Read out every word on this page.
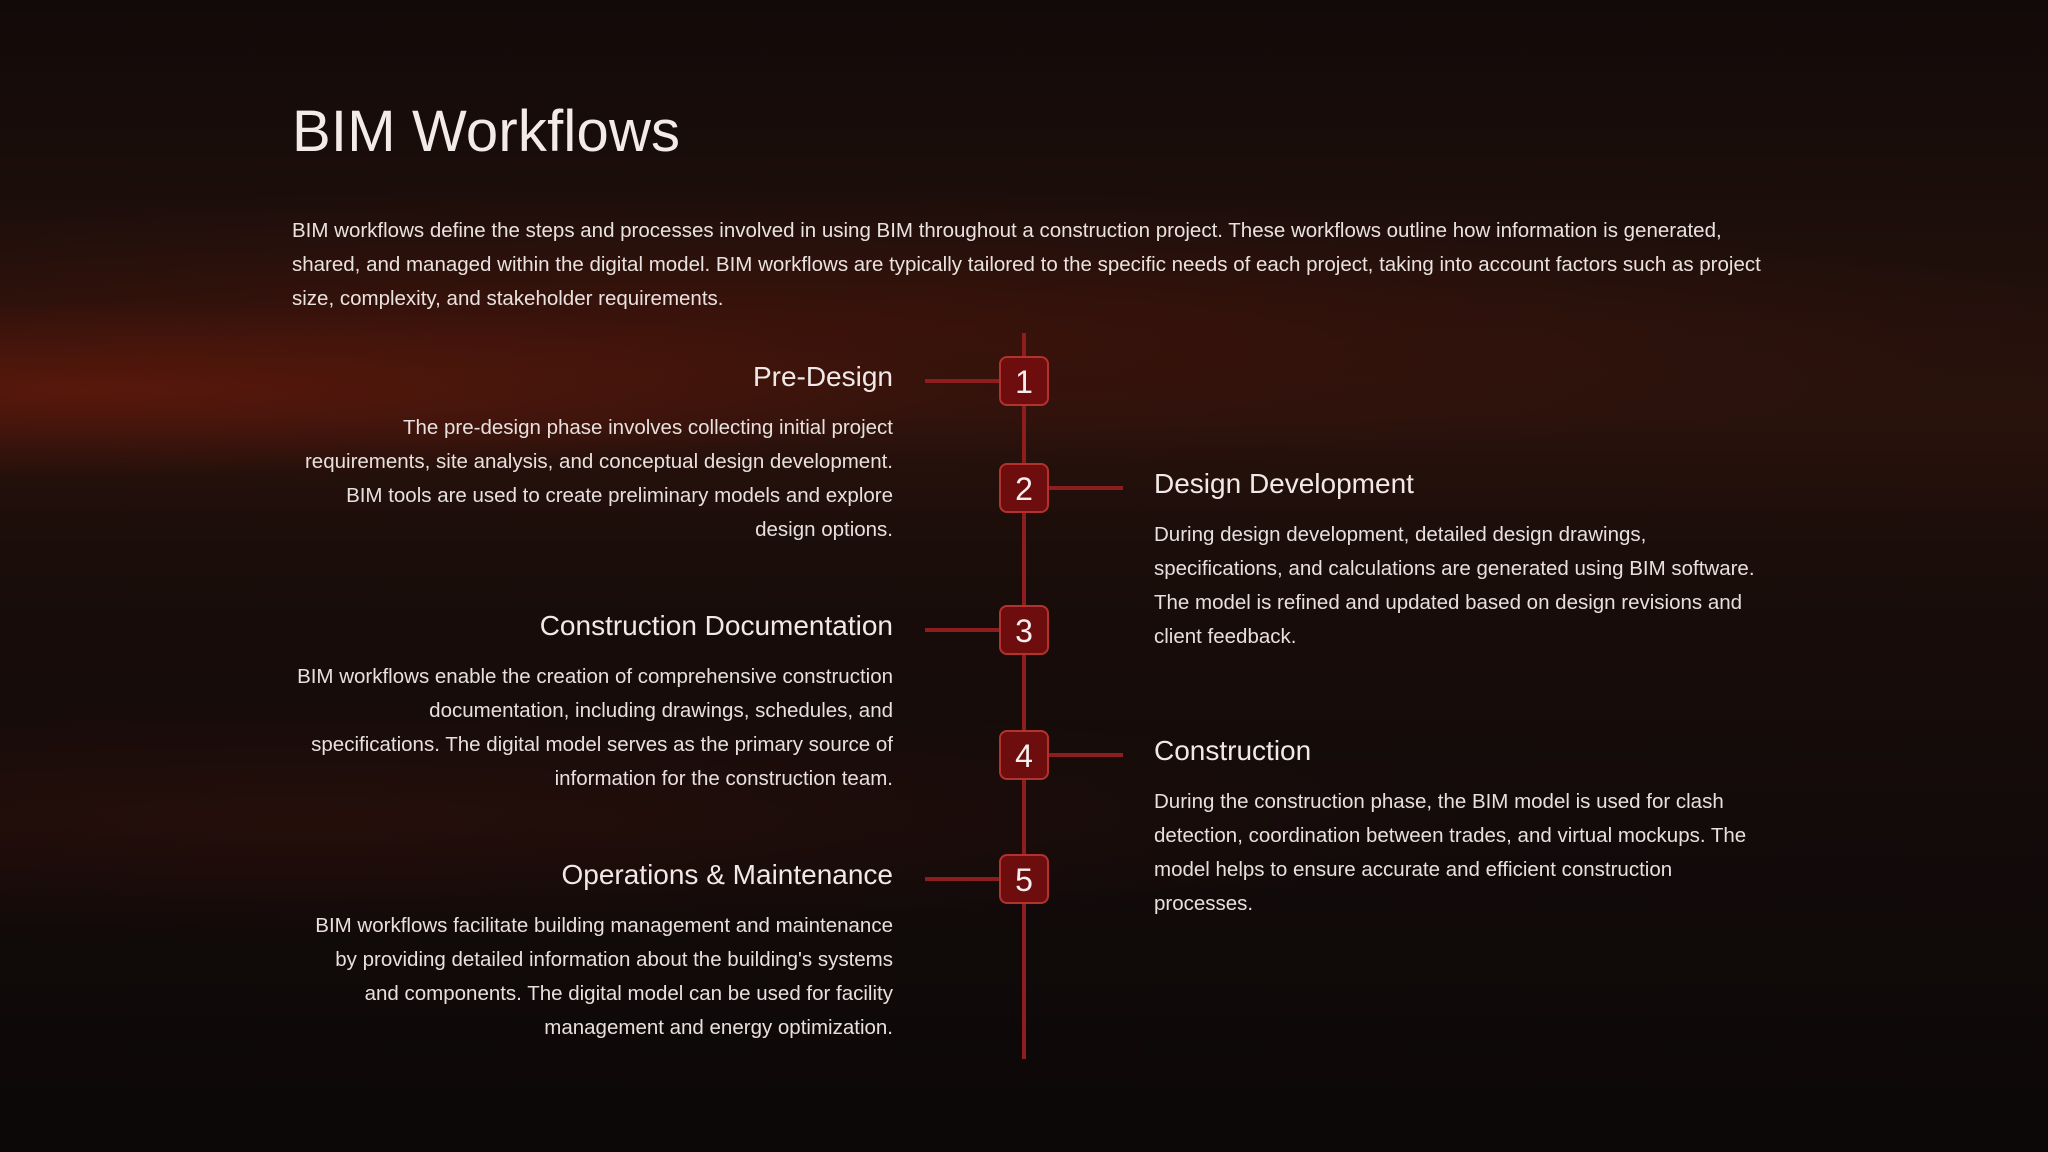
BIM Workflows

BIM workflows define the steps and processes involved in using BIM throughout a construction project. These workflows outline how information is generated, shared, and managed within the digital model. BIM workflows are typically tailored to the specific needs of each project, taking into account factors such as project size, complexity, and stakeholder requirements.

1
Pre-Design

The pre-design phase involves collecting initial project requirements, site analysis, and conceptual design development. BIM tools are used to create preliminary models and explore design options.

2	Design Development

During design development, detailed design drawings, specifications, and calculations are generated using BIM software. The model is refined and updated based on design revisions and client feedback.

3
Construction Documentation

BIM workflows enable the creation of comprehensive construction documentation, including drawings, schedules, and specifications. The digital model serves as the primary source of information for the construction team.

4	Construction

During the construction phase, the BIM model is used for clash detection, coordination between trades, and virtual mockups. The model helps to ensure accurate and efficient construction processes.

5
Operations & Maintenance

BIM workflows facilitate building management and maintenance by providing detailed information about the building's systems and components. The digital model can be used for facility management and energy optimization.
